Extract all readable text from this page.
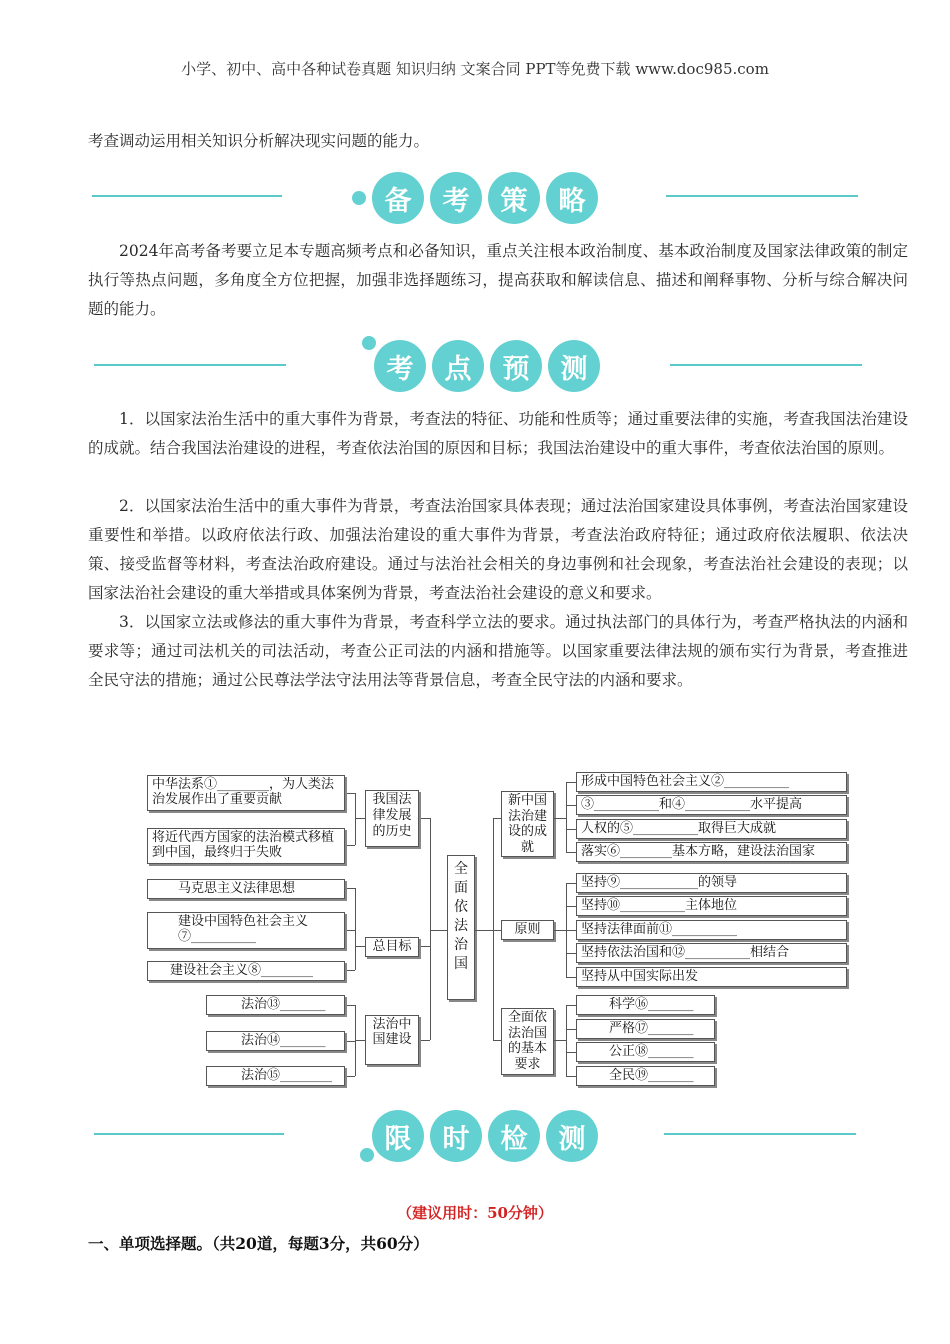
小学、初中、高中各种试卷真题 知识归纳 文案合同 PPT等免费下载 www.doc985.com
考查调动运用相关知识分析解决现实问题的能力。
备	考	策	略
2024年高考备考要立足本专题高频考点和必备知识，重点关注根本政治制度、基本政治制度及国家法律政策的制定执行等热点问题，多角度全方位把握，加强非选择题练习，提高获取和解读信息、描述和阐释事物、分析与综合解决问题的能力。
考	点	预	测
1．以国家法治生活中的重大事件为背景，考查法的特征、功能和性质等；通过重要法律的实施，考查我国法治建设的成就。结合我国法治建设的进程，考查依法治国的原因和目标；我国法治建设中的重大事件，考查依法治国的原则。
2．以国家法治生活中的重大事件为背景，考查法治国家具体表现；通过法治国家建设具体事例，考查法治国家建设重要性和举措。以政府依法行政、加强法治建设的重大事件为背景，考查法治政府特征；通过政府依法履职、依法决策、接受监督等材料，考查法治政府建设。通过与法治社会相关的身边事例和社会现象，考查法治社会建设的表现；以国家法治社会建设的重大举措或具体案例为背景，考查法治社会建设的意义和要求。
3．以国家立法或修法的重大事件为背景，考查科学立法的要求。通过执法部门的具体行为，考查严格执法的内涵和要求等；通过司法机关的司法活动，考查公正司法的内涵和措施等。以国家重要法律法规的颁布实行为背景，考查推进全民守法的措施；通过公民尊法学法守法用法等背景信息，考查全民守法的内涵和要求。
全面依法治国
我国法律发展的历史
中华法系①________，为人类法治发展作出了重要贡献
将近代西方国家的法治模式移植到中国，最终归于失败
总目标
马克思主义法律思想
建设中国特色社会主义⑦__________
建设社会主义⑧________
法治中国建设
法治⑬_______
法治⑭_______
法治⑮________
新中国法治建设的成就
形成中国特色社会主义②__________
③__________和④__________水平提高
人权的⑤__________取得巨大成就
落实⑥________基本方略，建设法治国家
原则
坚持⑨____________的领导
坚持⑩__________主体地位
坚持法律面前⑪__________
坚持依法治国和⑫__________相结合
坚持从中国实际出发
全面依法治国的基本要求
科学⑯_______
严格⑰_______
公正⑱_______
全民⑲_______
限	时	检	测
（建议用时：50分钟）
一、单项选择题。（共20道，每题3分，共60分）
